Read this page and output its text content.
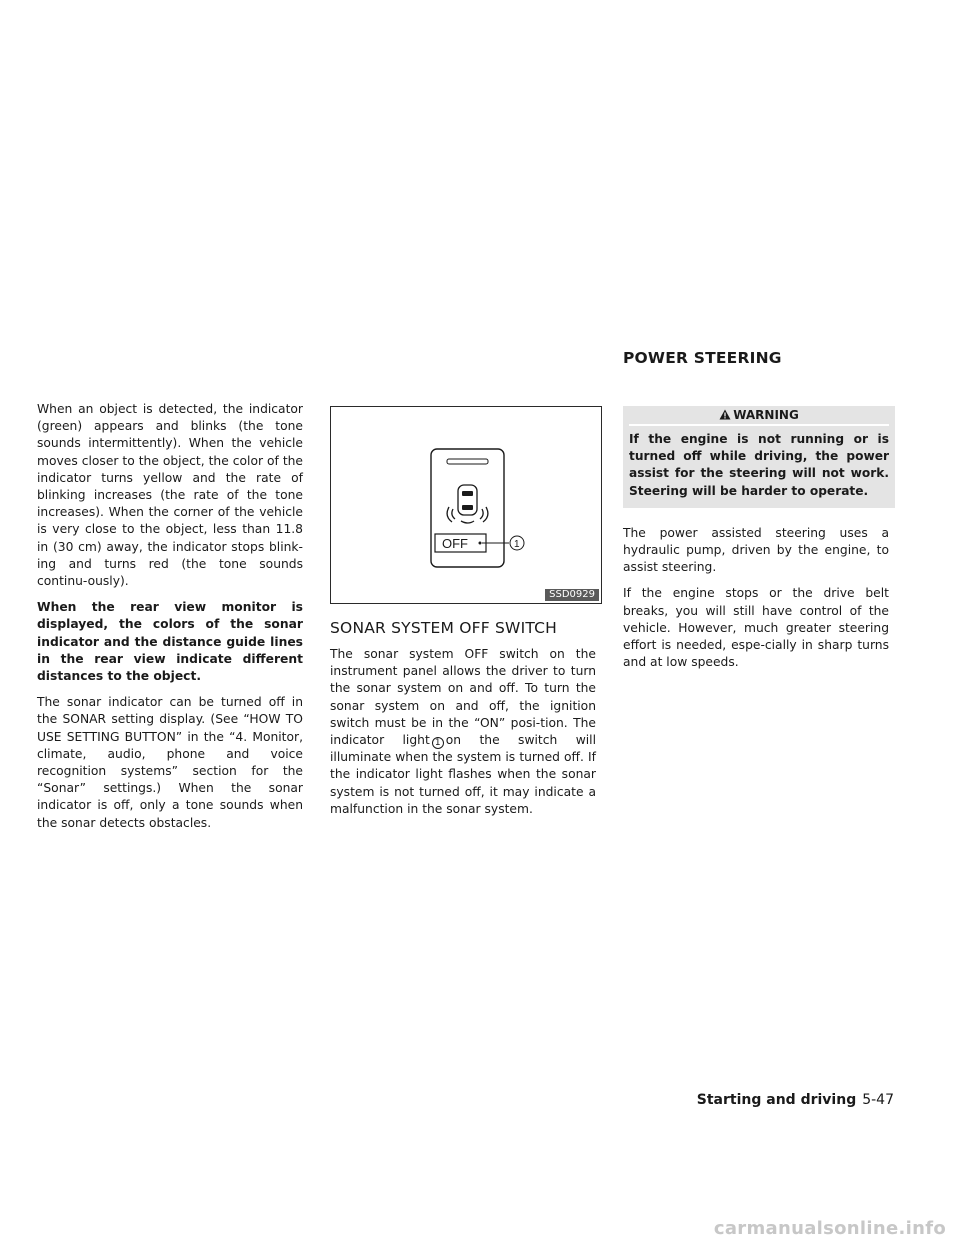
POWER STEERING

When an object is detected, the indicator (green) appears and blinks (the tone sounds intermittently). When the vehicle moves closer to the object, the color of the indicator turns yellow and the rate of blinking increases (the rate of the tone increases). When the corner of the vehicle is very close to the object, less than 11.8 in (30 cm) away, the indicator stops blink-ing and turns red (the tone sounds continu-ously).

When the rear view monitor is displayed, the colors of the sonar indicator and the distance guide lines in the rear view indicate different distances to the object.

The sonar indicator can be turned off in the SONAR setting display. (See “HOW TO USE SETTING BUTTON” in the “4. Monitor, climate, audio, phone and voice recognition systems” section for the “Sonar” settings.) When the sonar indicator is off, only a tone sounds when the sonar detects obstacles.

OFF	1
SSD0929
SONAR SYSTEM OFF SWITCH

The sonar system OFF switch on the instrument panel allows the driver to turn the sonar system on and off. To turn the sonar system on and off, the ignition switch must be in the “ON” posi-tion. The indicator light 1 on the switch will illuminate when the system is turned off. If the indicator light flashes when the sonar system is not turned off, it may indicate a malfunction in the sonar system.

WARNING
If the engine is not running or is turned off while driving, the power assist for the steering will not work. Steering will be harder to operate.

The power assisted steering uses a hydraulic pump, driven by the engine, to assist steering.

If the engine stops or the drive belt breaks, you will still have control of the vehicle. However, much greater steering effort is needed, espe-cially in sharp turns and at low speeds.

Starting and driving 5-47
carmanualsonline.info
